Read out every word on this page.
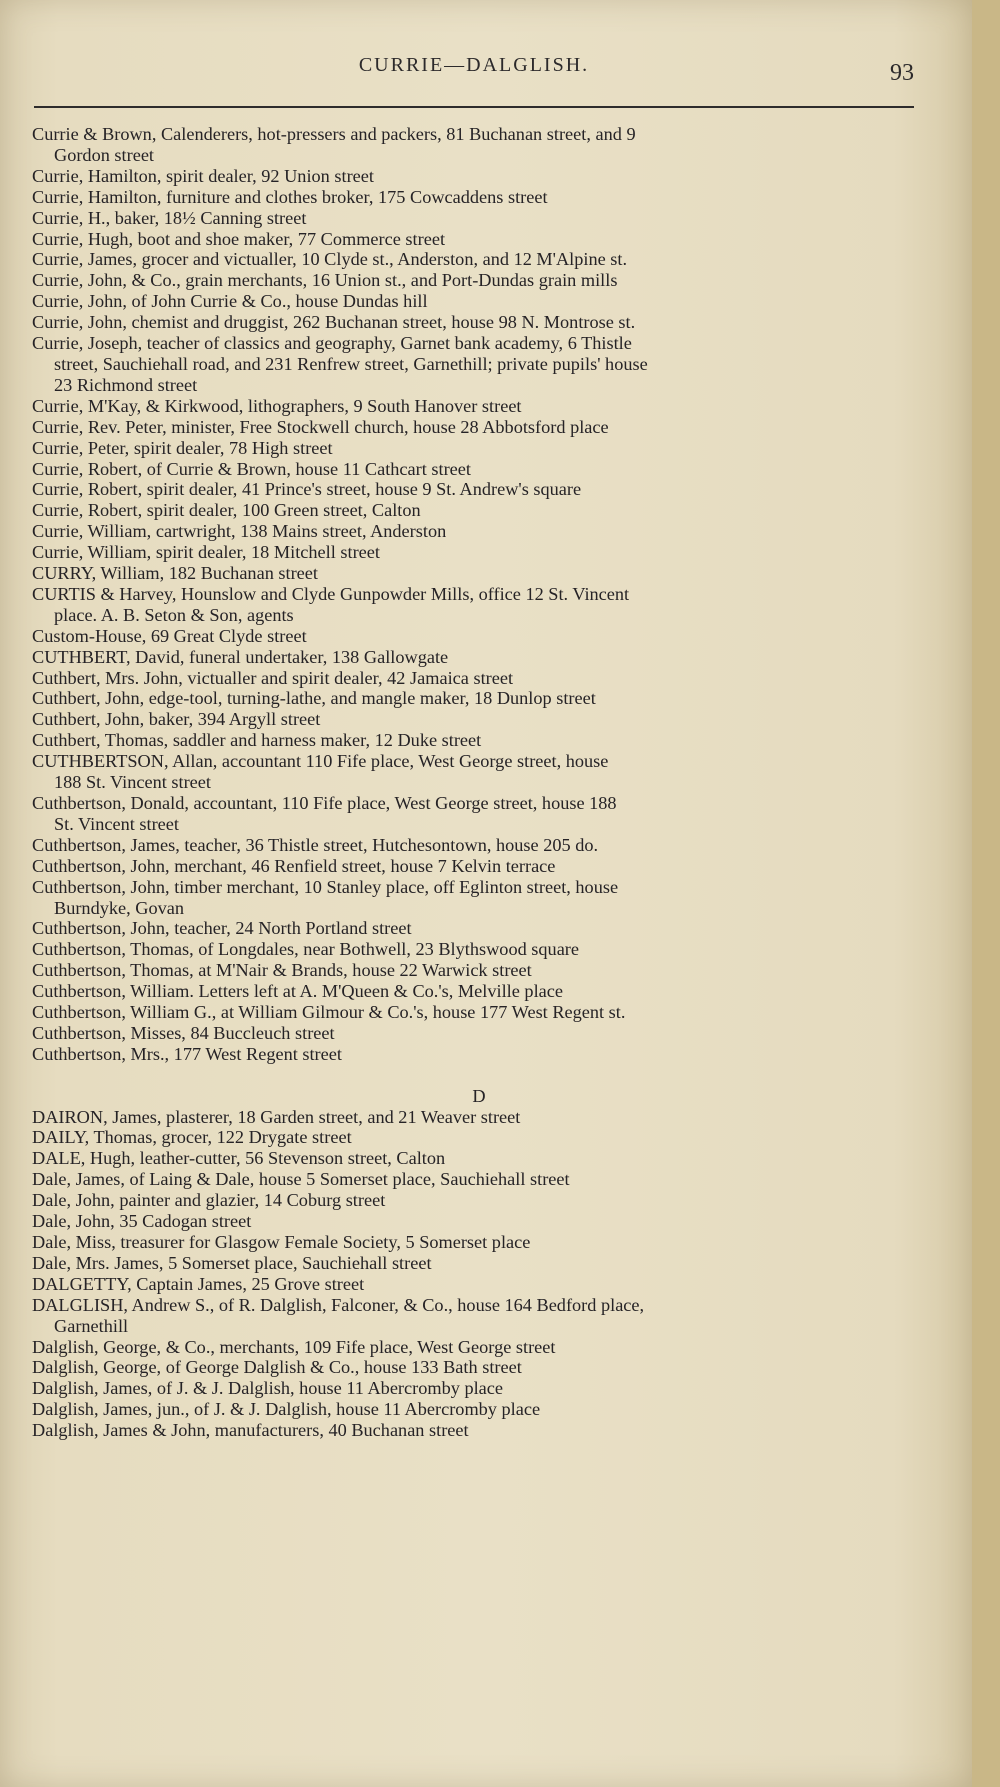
CURRIE—DALGLISH.	93
Currie & Brown, Calenderers, hot-pressers and packers, 81 Buchanan street, and 9
Gordon street
Currie, Hamilton, spirit dealer, 92 Union street
Currie, Hamilton, furniture and clothes broker, 175 Cowcaddens street
Currie, H., baker, 18½ Canning street
Currie, Hugh, boot and shoe maker, 77 Commerce street
Currie, James, grocer and victualler, 10 Clyde st., Anderston, and 12 M'Alpine st.
Currie, John, & Co., grain merchants, 16 Union st., and Port-Dundas grain mills
Currie, John, of John Currie & Co., house Dundas hill
Currie, John, chemist and druggist, 262 Buchanan street, house 98 N. Montrose st.
Currie, Joseph, teacher of classics and geography, Garnet bank academy, 6 Thistle
street, Sauchiehall road, and 231 Renfrew street, Garnethill; private pupils' house
23 Richmond street
Currie, M'Kay, & Kirkwood, lithographers, 9 South Hanover street
Currie, Rev. Peter, minister, Free Stockwell church, house 28 Abbotsford place
Currie, Peter, spirit dealer, 78 High street
Currie, Robert, of Currie & Brown, house 11 Cathcart street
Currie, Robert, spirit dealer, 41 Prince's street, house 9 St. Andrew's square
Currie, Robert, spirit dealer, 100 Green street, Calton
Currie, William, cartwright, 138 Mains street, Anderston
Currie, William, spirit dealer, 18 Mitchell street
CURRY, William, 182 Buchanan street
CURTIS & Harvey, Hounslow and Clyde Gunpowder Mills, office 12 St. Vincent
place. A. B. Seton & Son, agents
Custom-House, 69 Great Clyde street
CUTHBERT, David, funeral undertaker, 138 Gallowgate
Cuthbert, Mrs. John, victualler and spirit dealer, 42 Jamaica street
Cuthbert, John, edge-tool, turning-lathe, and mangle maker, 18 Dunlop street
Cuthbert, John, baker, 394 Argyll street
Cuthbert, Thomas, saddler and harness maker, 12 Duke street
CUTHBERTSON, Allan, accountant 110 Fife place, West George street, house
188 St. Vincent street
Cuthbertson, Donald, accountant, 110 Fife place, West George street, house 188
St. Vincent street
Cuthbertson, James, teacher, 36 Thistle street, Hutchesontown, house 205 do.
Cuthbertson, John, merchant, 46 Renfield street, house 7 Kelvin terrace
Cuthbertson, John, timber merchant, 10 Stanley place, off Eglinton street, house
Burndyke, Govan
Cuthbertson, John, teacher, 24 North Portland street
Cuthbertson, Thomas, of Longdales, near Bothwell, 23 Blythswood square
Cuthbertson, Thomas, at M'Nair & Brands, house 22 Warwick street
Cuthbertson, William. Letters left at A. M'Queen & Co.'s, Melville place
Cuthbertson, William G., at William Gilmour & Co.'s, house 177 West Regent st.
Cuthbertson, Misses, 84 Buccleuch street
Cuthbertson, Mrs., 177 West Regent street
D
DAIRON, James, plasterer, 18 Garden street, and 21 Weaver street
DAILY, Thomas, grocer, 122 Drygate street
DALE, Hugh, leather-cutter, 56 Stevenson street, Calton
Dale, James, of Laing & Dale, house 5 Somerset place, Sauchiehall street
Dale, John, painter and glazier, 14 Coburg street
Dale, John, 35 Cadogan street
Dale, Miss, treasurer for Glasgow Female Society, 5 Somerset place
Dale, Mrs. James, 5 Somerset place, Sauchiehall street
DALGETTY, Captain James, 25 Grove street
DALGLISH, Andrew S., of R. Dalglish, Falconer, & Co., house 164 Bedford place,
Garnethill
Dalglish, George, & Co., merchants, 109 Fife place, West George street
Dalglish, George, of George Dalglish & Co., house 133 Bath street
Dalglish, James, of J. & J. Dalglish, house 11 Abercromby place
Dalglish, James, jun., of J. & J. Dalglish, house 11 Abercromby place
Dalglish, James & John, manufacturers, 40 Buchanan street
